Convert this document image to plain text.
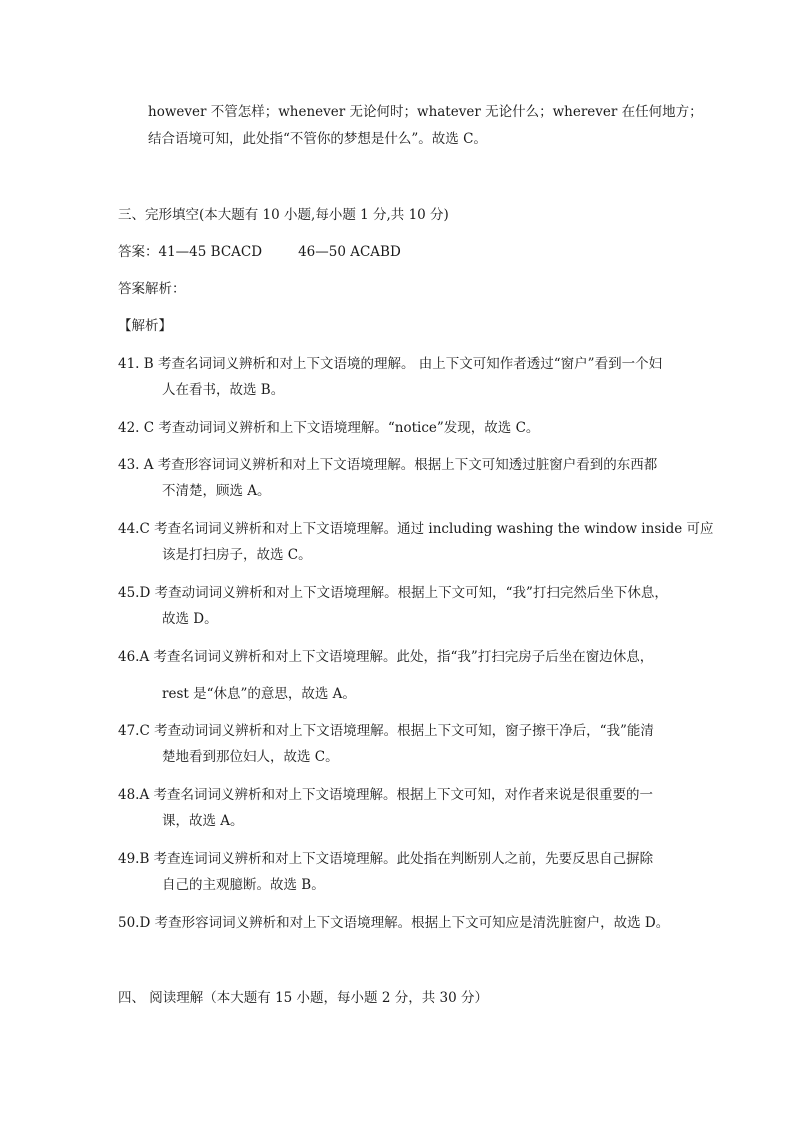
however 不管怎样；whenever 无论何时；whatever 无论什么；wherever 在任何地方；
结合语境可知，此处指“不管你的梦想是什么”。故选 C。
三、完形填空(本大题有 10 小题,每小题 1 分,共 10 分)
答案：41—45 BCACD	46—50 ACABD
答案解析：
【解析】
41. B 考查名词词义辨析和对上下文语境的理解。 由上下文可知作者透过“窗户”看到一个妇
人在看书，故选 B。
42. C 考查动词词义辨析和上下文语境理解。“notice”发现，故选 C。
43. A 考查形容词词义辨析和对上下文语境理解。根据上下文可知透过脏窗户看到的东西都
不清楚，顾选 A。
44.C 考查名词词义辨析和对上下文语境理解。通过 including washing the window inside 可应
该是打扫房子，故选 C。
45.D 考查动词词义辨析和对上下文语境理解。根据上下文可知，“我”打扫完然后坐下休息，
故选 D。
46.A 考查名词词义辨析和对上下文语境理解。此处，指“我”打扫完房子后坐在窗边休息，
rest 是“休息”的意思，故选 A。
47.C 考查动词词义辨析和对上下文语境理解。根据上下文可知，窗子擦干净后，“我”能清
楚地看到那位妇人，故选 C。
48.A 考查名词词义辨析和对上下文语境理解。根据上下文可知，对作者来说是很重要的一
课，故选 A。
49.B 考查连词词义辨析和对上下文语境理解。此处指在判断别人之前，先要反思自己摒除
自己的主观臆断。故选 B。
50.D 考查形容词词义辨析和对上下文语境理解。根据上下文可知应是清洗脏窗户，故选 D。
四、 阅读理解（本大题有 15 小题，每小题 2 分，共 30 分）
